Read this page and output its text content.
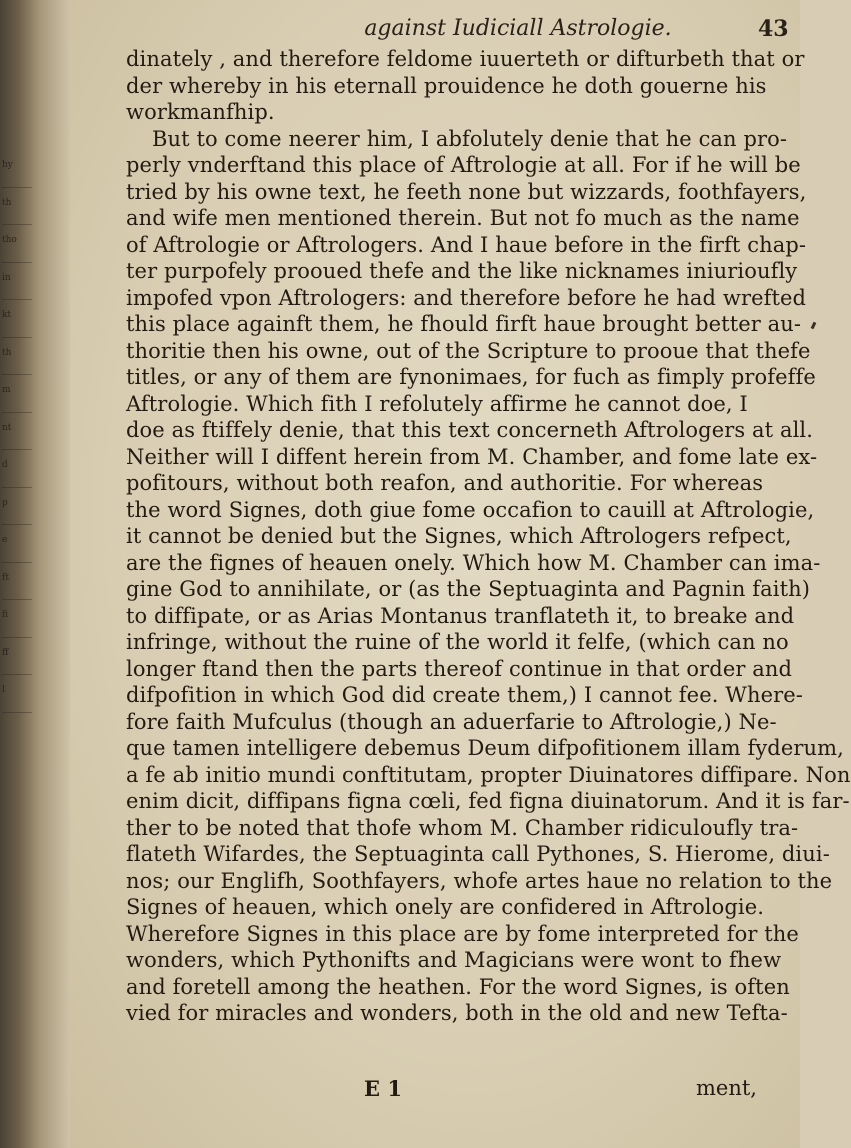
hy
th
tho
in
kt
th
m
nt
d
p
e
ft
fi
ff
l
against Iudiciall Astrologie.	43
dinately , and therefore feldome iuuerteth or difturbeth that or
der whereby in his eternall prouidence he doth gouerne his
workmanfhip.
But to come neerer him, I abfolutely denie that he can pro-
perly vnderftand this place of Aftrologie at all. For if he will be
tried by his owne text, he feeth none but wizzards, foothfayers,
and wife men mentioned therein. But not fo much as the name
of Aftrologie or Aftrologers. And I haue before in the firft chap-
ter purpofely prooued thefe and the like nicknames iniurioufly
impofed vpon Aftrologers: and therefore before he had wrefted
this place againft them, he fhould firft haue brought better au-
thoritie then his owne, out of the Scripture to prooue that thefe
titles, or any of them are fynonimaes, for fuch as fimply profeffe
Aftrologie. Which fith I refolutely affirme he cannot doe, I
doe as ftiffely denie, that this text concerneth Aftrologers at all.
Neither will I diffent herein from M. Chamber, and fome late ex-
pofitours, without both reafon, and authoritie. For whereas
the word Signes, doth giue fome occafion to cauill at Aftrologie,
it cannot be denied but the Signes, which Aftrologers refpect,
are the fignes of heauen onely. Which how M. Chamber can ima-
gine God to annihilate, or (as the Septuaginta and Pagnin faith)
to diffipate, or as Arias Montanus tranflateth it, to breake and
infringe, without the ruine of the world it felfe, (which can no
longer ftand then the parts thereof continue in that order and
difpofition in which God did create them,) I cannot fee. Where-
fore faith Mufculus (though an aduerfarie to Aftrologie,) Ne-
que tamen intelligere debemus Deum difpofitionem illam fyderum,
a fe ab initio mundi conftitutam, propter Diuinatores diffipare. Non
enim dicit, diffipans figna cœli, fed figna diuinatorum. And it is far-
ther to be noted that thofe whom M. Chamber ridiculoufly tra-
flateth Wifardes, the Septuaginta call Pythones, S. Hierome, diui-
nos; our Englifh, Soothfayers, whofe artes haue no relation to the
Signes of heauen, which onely are confidered in Aftrologie.
Wherefore Signes in this place are by fome interpreted for the
wonders, which Pythonifts and Magicians were wont to fhew
and foretell among the heathen. For the word Signes, is often
vied for miracles and wonders, both in the old and new Tefta-
E 1	ment,
